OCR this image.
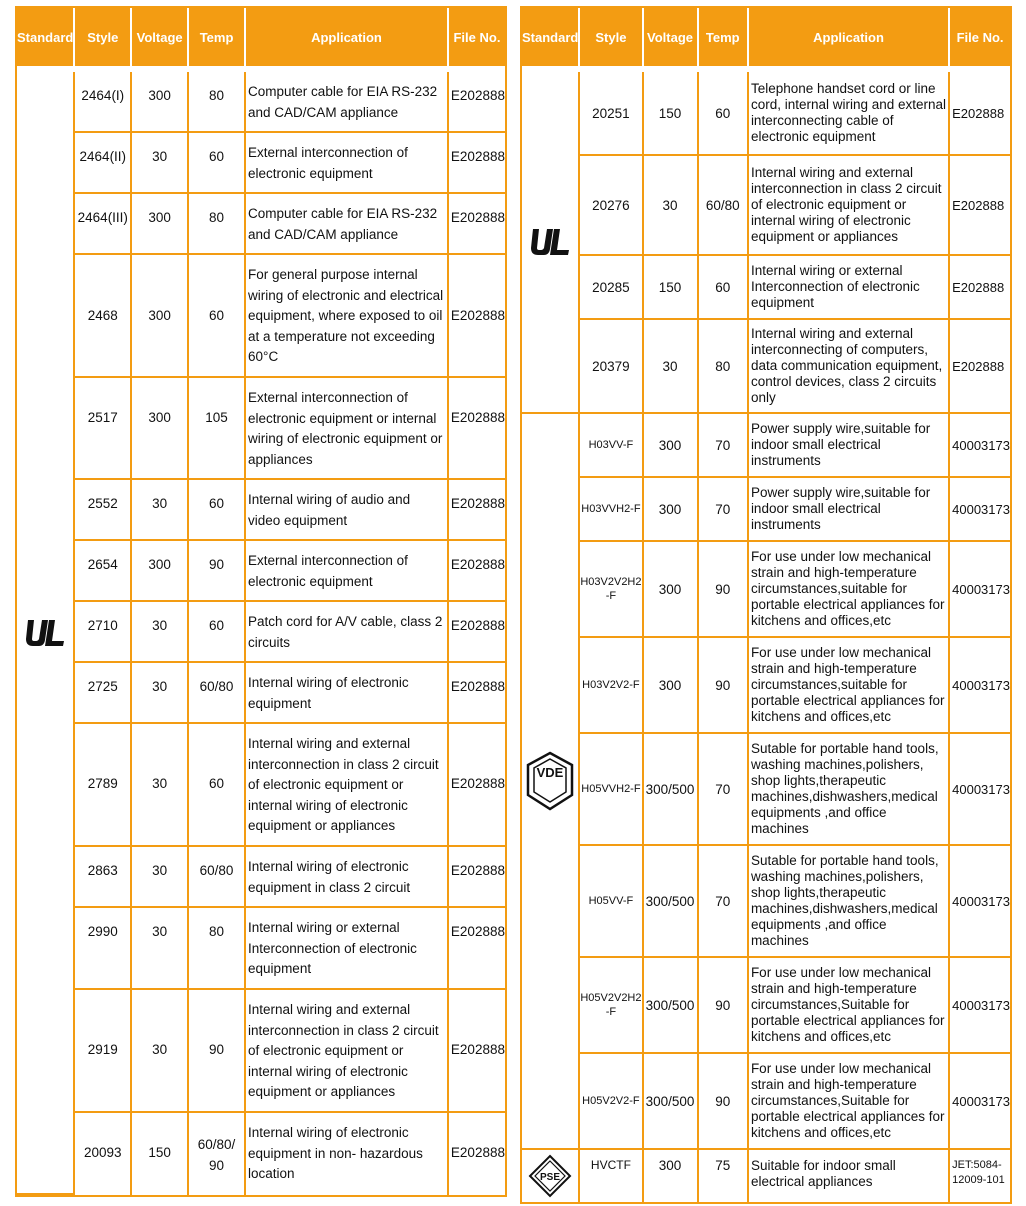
Standard	Style	Voltage	Temp	Application	File No.

	2464(I)	300	80	Computer cable for EIA RS-232 and CAD/CAM appliance	E202888
	2464(II)	30	60	External interconnection of electronic equipment	E202888
	2464(III)	300	80	Computer cable for EIA RS-232 and CAD/CAM appliance	E202888
	2468	300	60	For general purpose internal wiring of electronic and electrical equipment, where exposed to oil at a temperature not exceeding 60°C	E202888
	2517	300	105	External interconnection of electronic equipment or internal wiring of electronic equipment or appliances	E202888
	2552	30	60	Internal wiring of audio and video equipment	E202888
	2654	300	90	External interconnection of electronic equipment	E202888
	2710	30	60	Patch cord for A/V cable, class 2 circuits	E202888
	2725	30	60/80	Internal wiring of electronic equipment	E202888
	2789	30	60	Internal wiring and external interconnection in class 2 circuit of electronic equipment or internal wiring of electronic equipment or appliances	E202888
	2863	30	60/80	Internal wiring of electronic equipment in class 2 circuit	E202888
	2990	30	80	Internal wiring or external Interconnection of electronic equipment	E202888
	2919	30	90	Internal wiring and external interconnection in class 2 circuit of electronic equipment or internal wiring of electronic equipment or appliances	E202888
	20093	150	60/80/ 90	Internal wiring of electronic equipment in non- hazardous location	E202888
Standard	Style	Voltage	Temp	Application	File No.

	20251	150	60	Telephone handset cord or line cord, internal wiring and external interconnecting cable of electronic equipment	E202888
	20276	30	60/80	Internal wiring and external interconnection in class 2 circuit of electronic equipment or internal wiring of electronic equipment or appliances	E202888
	20285	150	60	Internal wiring or external Interconnection of electronic equipment	E202888
	20379	30	80	Internal wiring and external interconnecting of computers, data communication equipment, control devices, class 2 circuits only	E202888

VDE	H03VV-F	300	70	Power supply wire,suitable for indoor small electrical instruments	40003173
	H03VVH2-F	300	70	Power supply wire,suitable for indoor small electrical instruments	40003173
	H03V2V2H2 -F	300	90	For use under low mechanical strain and high-temperature circumstances,suitable for portable electrical appliances for kitchens and offices,etc	40003173
	H03V2V2-F	300	90	For use under low mechanical strain and high-temperature circumstances,suitable for portable electrical appliances for kitchens and offices,etc	40003173
	H05VVH2-F	300/500	70	Sutable for portable hand tools, washing machines,polishers, shop lights,therapeutic machines,dishwashers,medical equipments ,and office machines	40003173
	H05VV-F	300/500	70	Sutable for portable hand tools, washing machines,polishers, shop lights,therapeutic machines,dishwashers,medical equipments ,and office machines	40003173
	H05V2V2H2 -F	300/500	90	For use under low mechanical strain and high-temperature circumstances,Suitable for portable electrical appliances for kitchens and offices,etc	40003173
	H05V2V2-F	300/500	90	For use under low mechanical strain and high-temperature circumstances,Suitable for portable electrical appliances for kitchens and offices,etc	40003173

PSE	HVCTF	300	75	Suitable for indoor small electrical appliances	JET:5084- 12009-101
